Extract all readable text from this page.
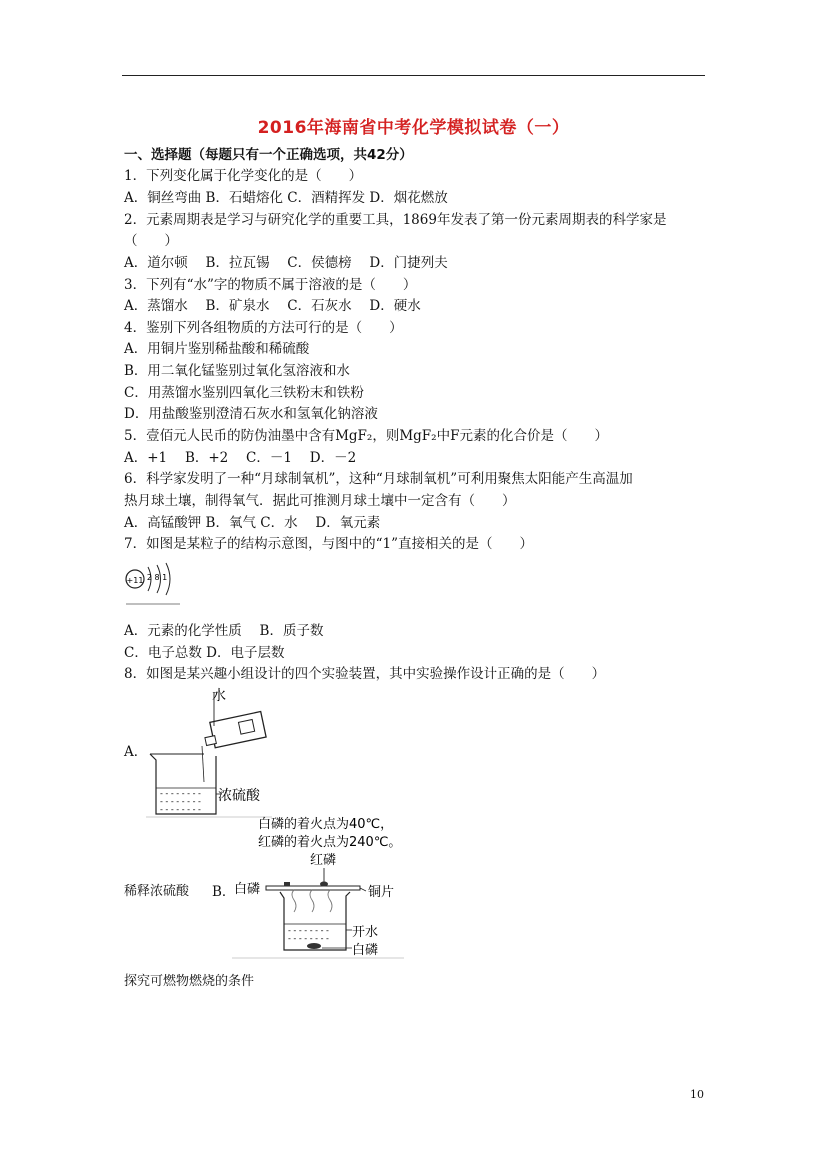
2016年海南省中考化学模拟试卷（一）
一、选择题（每题只有一个正确选项，共42分）
1．下列变化属于化学变化的是（　　）
A．铜丝弯曲 B．石蜡熔化 C．酒精挥发 D．烟花燃放
2．元素周期表是学习与研究化学的重要工具，1869年发表了第一份元素周期表的科学家是
（　　）
A．道尔顿　 B．拉瓦锡　 C．侯德榜　 D．门捷列夫
3．下列有“水”字的物质不属于溶液的是（　　）
A．蒸馏水　 B．矿泉水　 C．石灰水　 D．硬水
4．鉴别下列各组物质的方法可行的是（　　）
A．用铜片鉴别稀盐酸和稀硫酸
B．用二氧化锰鉴别过氧化氢溶液和水
C．用蒸馏水鉴别四氧化三铁粉末和铁粉
D．用盐酸鉴别澄清石灰水和氢氧化钠溶液
5．壹佰元人民币的防伪油墨中含有MgF₂，则MgF₂中F元素的化合价是（　　）
A．+1　 B．+2　 C．－1　 D．－2
6．科学家发明了一种“月球制氧机”，这种“月球制氧机”可利用聚焦太阳能产生高温加
热月球土壤，制得氧气．据此可推测月球土壤中一定含有（　　）
A．高锰酸钾 B．氧气 C．水　 D．氧元素
7．如图是某粒子的结构示意图，与图中的“1”直接相关的是（　　）
+11 2 8 1
A．元素的化学性质　 B．质子数
C．电子总数 D．电子层数
8．如图是某兴趣小组设计的四个实验装置，其中实验操作设计正确的是（　　）
A．
- - - - - - - -
- - - - - - - -
- - - - - - - -
浓硫酸
水
稀释浓硫酸 B．
白磷的着火点为40℃，
红磷的着火点为240℃。
红磷
白磷	铜片
- - - - - - - -
- - - - - - - - 开水
白磷
探究可燃物燃烧的条件
10
